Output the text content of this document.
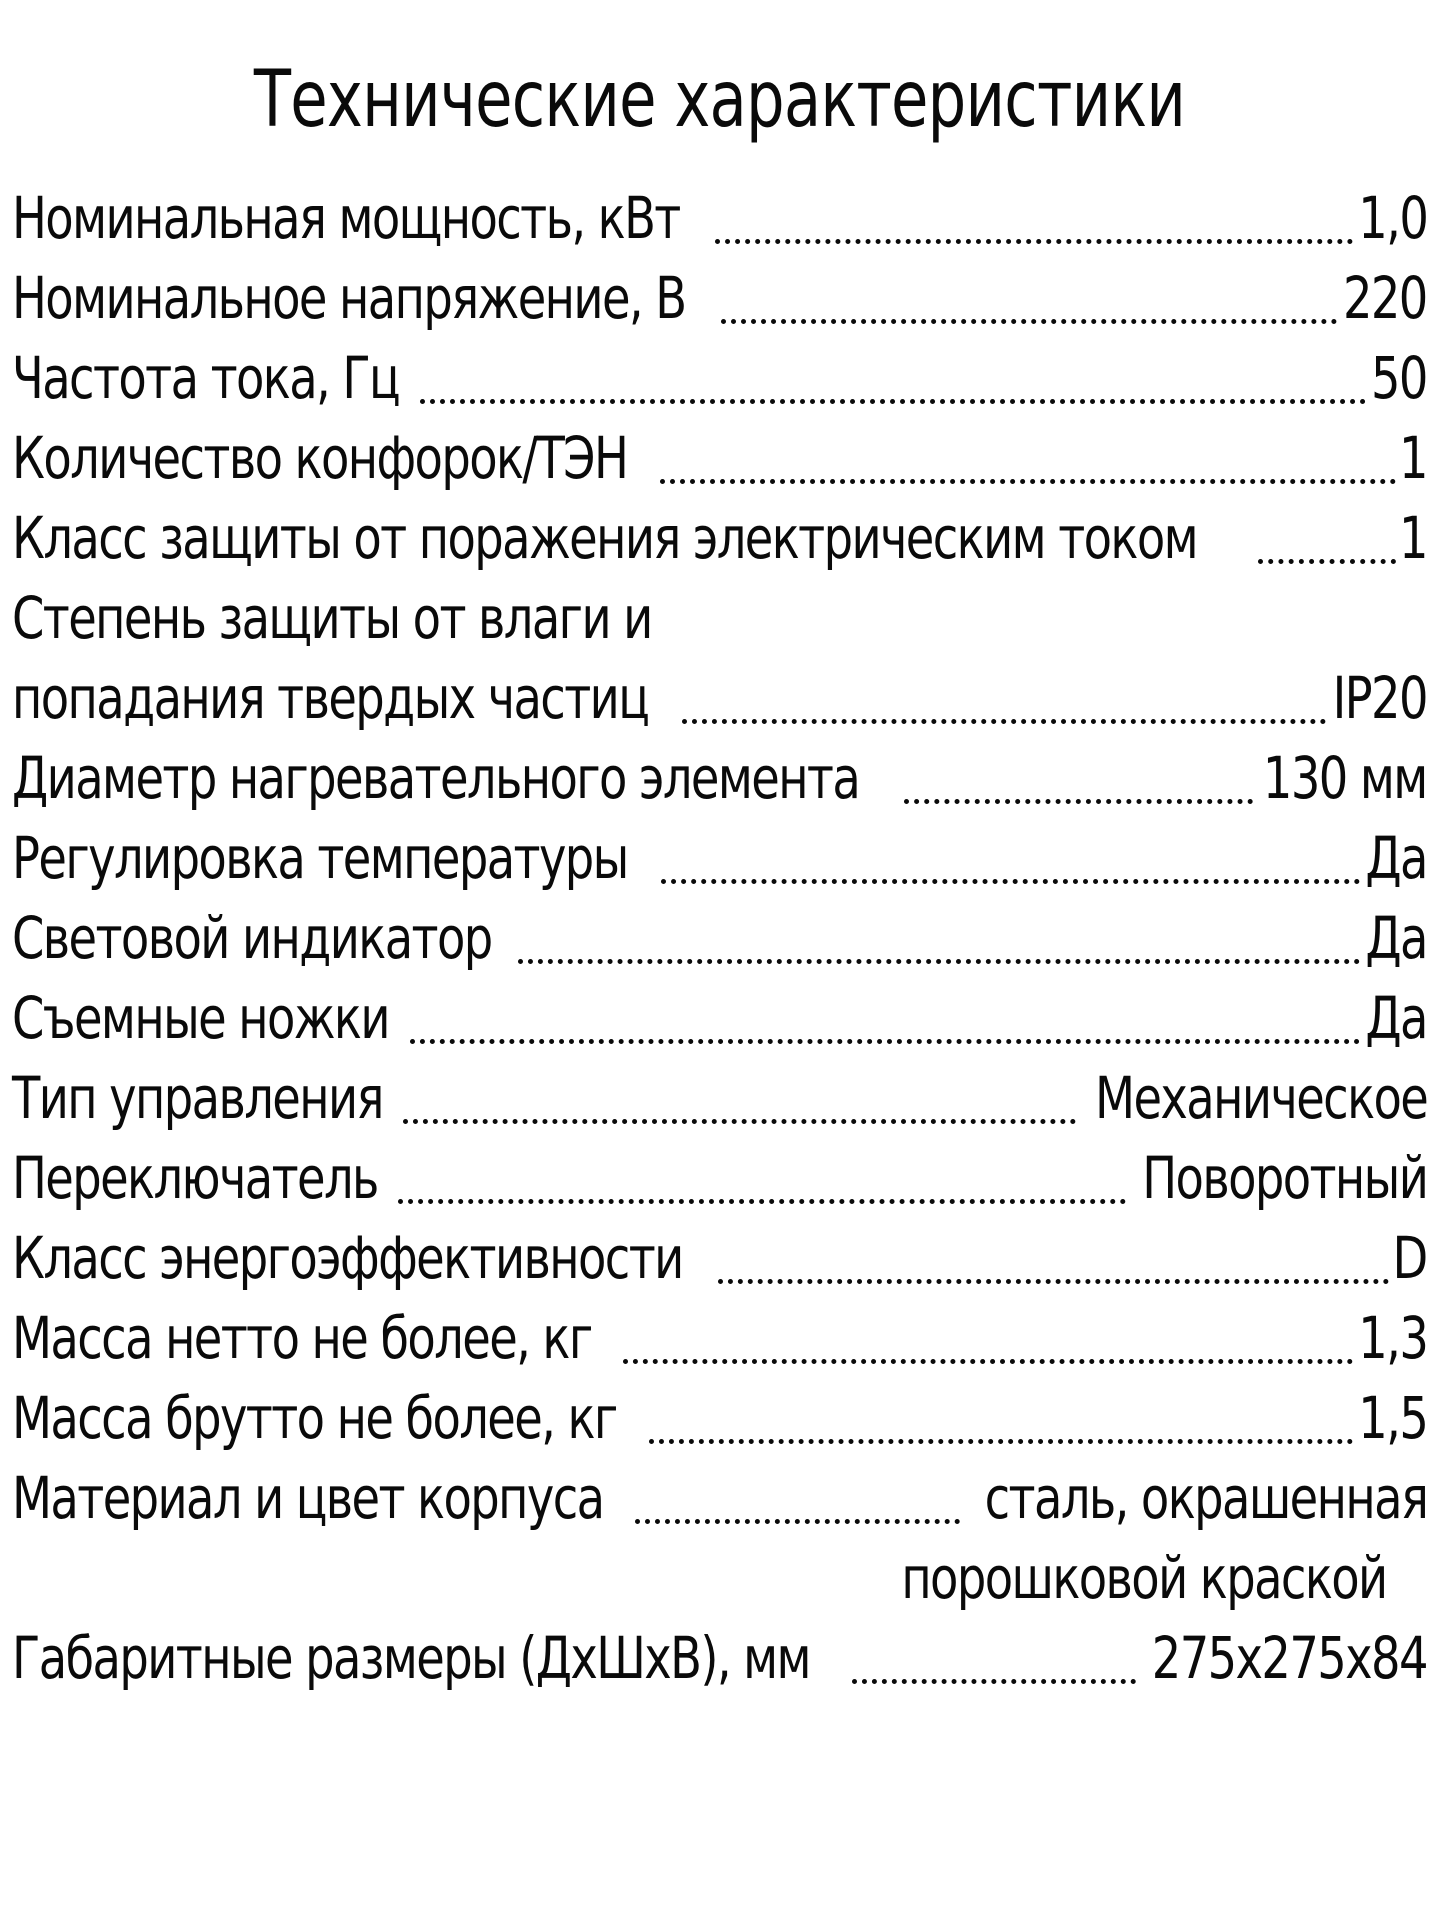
Технические характеристики
Номинальная мощность, кВт	1,0
Номинальное напряжение, В	220
Частота тока, Гц	50
Количество конфорок/ТЭН	1
Класс защиты от поражения электрическим током	1
Степень защиты от влаги и
попадания твердых частиц	IP20
Диаметр нагревательного элемента	130 мм
Регулировка температуры	Да
Световой индикатор	Да
Съемные ножки	Да
Тип управления	Механическое
Переключатель	Поворотный
Класс энергоэффективности	D
Масса нетто не более, кг	1,3
Масса брутто не более, кг	1,5
Материал и цвет корпуса	сталь, окрашенная
порошковой краской
Габаритные размеры (ДхШхВ), мм	275х275х84
